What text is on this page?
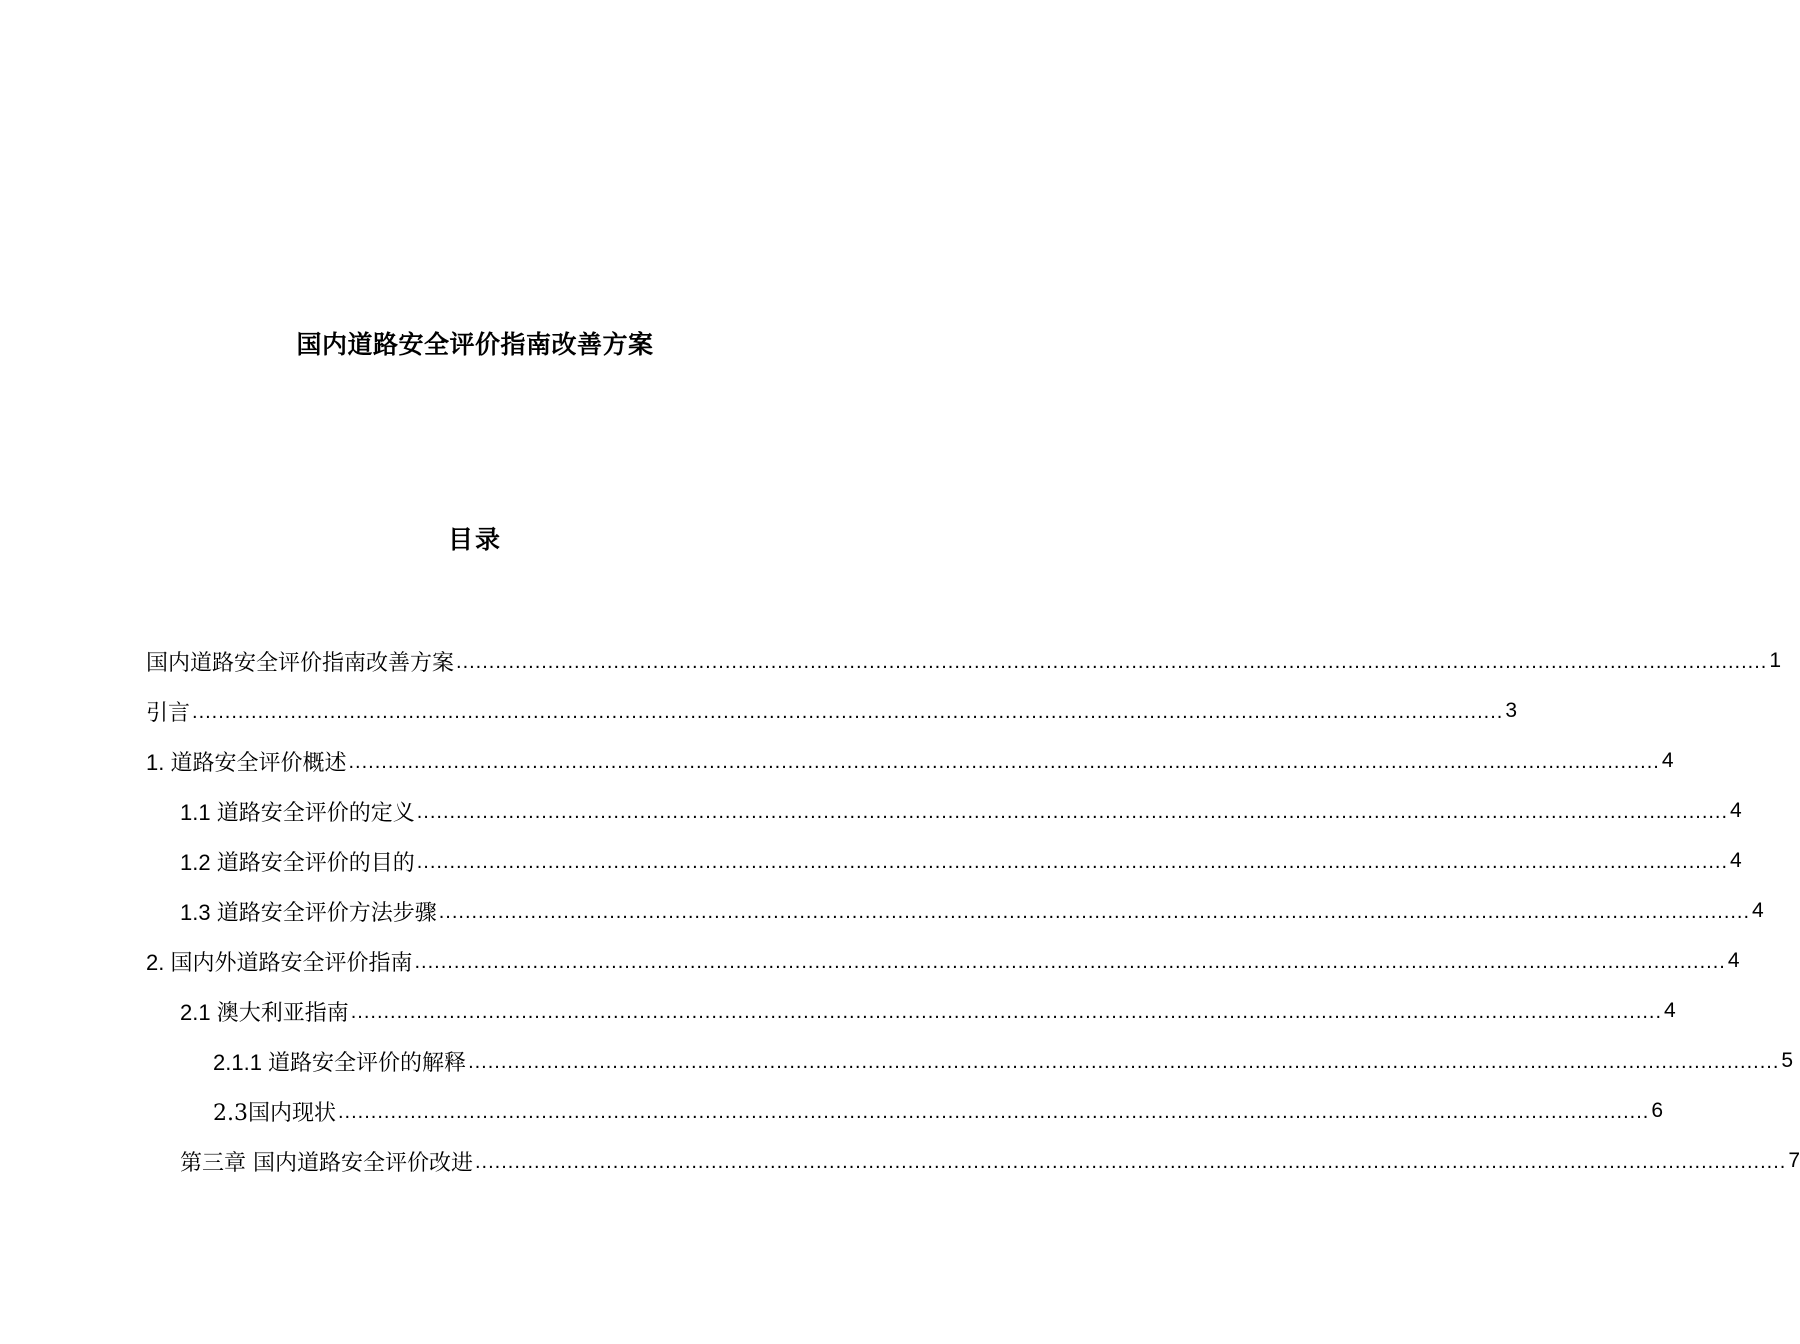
国内道路安全评价指南改善方案
目录
国内道路安全评价指南改善方案 ........................................................................................................................................................................................................ 1
引言 ........................................................................................................................................................................................................ 3
1. 道路安全评价概述 ........................................................................................................................................................................................................ 4
1.1 道路安全评价的定义 ........................................................................................................................................................................................................ 4
1.2 道路安全评价的目的 ........................................................................................................................................................................................................ 4
1.3 道路安全评价方法步骤 ........................................................................................................................................................................................................ 4
2. 国内外道路安全评价指南 ........................................................................................................................................................................................................ 4
2.1 澳大利亚指南 ........................................................................................................................................................................................................ 4
2.1.1 道路安全评价的解释 ........................................................................................................................................................................................................ 5
2.3国内现状 ........................................................................................................................................................................................................ 6
第三章 国内道路安全评价改进 ........................................................................................................................................................................................................ 7
